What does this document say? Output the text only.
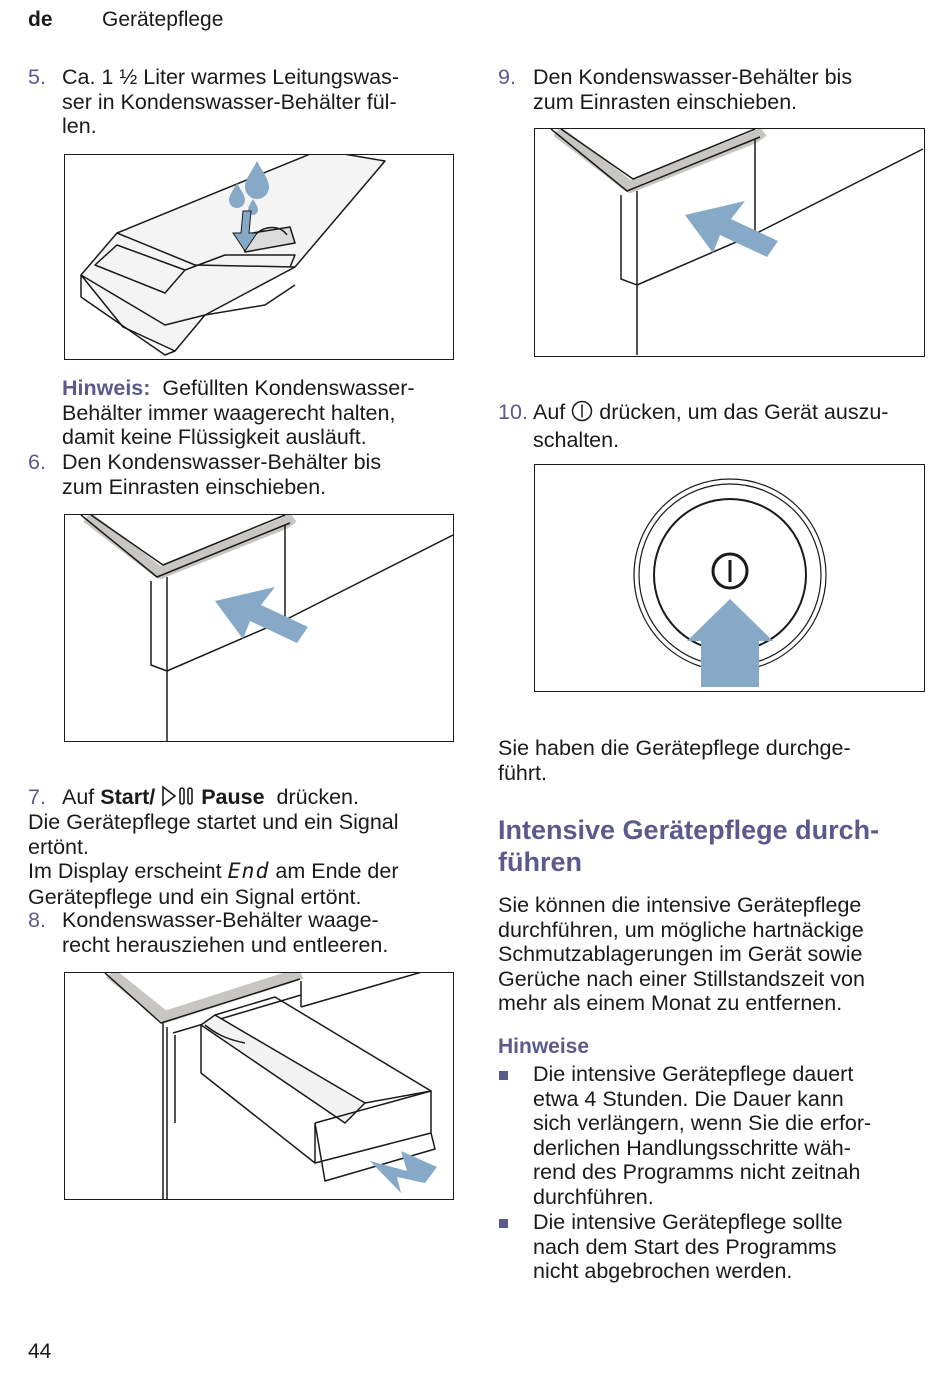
de Gerätepflege
5. Ca. 1 ½ Liter warmes Leitungswas-
ser in Kondenswasser-Behälter fül-
len.
Hinweis: Gefüllten Kondenswasser-
Behälter immer waagerecht halten,
damit keine Flüssigkeit ausläuft.
6. Den Kondenswasser-Behälter bis
zum Einrasten einschieben.
7. Auf Start/ Pause drücken.
Die Gerätepflege startet und ein Signal
ertönt.
Im Display erscheint End am Ende der
Gerätepflege und ein Signal ertönt.
8. Kondenswasser-Behälter waage-
recht herausziehen und entleeren.
9. Den Kondenswasser-Behälter bis
zum Einrasten einschieben.
10. Auf drücken, um das Gerät auszu-
schalten.
Sie haben die Gerätepflege durchge-
führt.
Intensive Gerätepflege durch-
führen
Sie können die intensive Gerätepflege
durchführen, um mögliche hartnäckige
Schmutzablagerungen im Gerät sowie
Gerüche nach einer Stillstandszeit von
mehr als einem Monat zu entfernen.
Hinweise
Die intensive Gerätepflege dauert
etwa 4 Stunden. Die Dauer kann
sich verlängern, wenn Sie die erfor-
derlichen Handlungsschritte wäh-
rend des Programms nicht zeitnah
durchführen.
Die intensive Gerätepflege sollte
nach dem Start des Programms
nicht abgebrochen werden.
44
